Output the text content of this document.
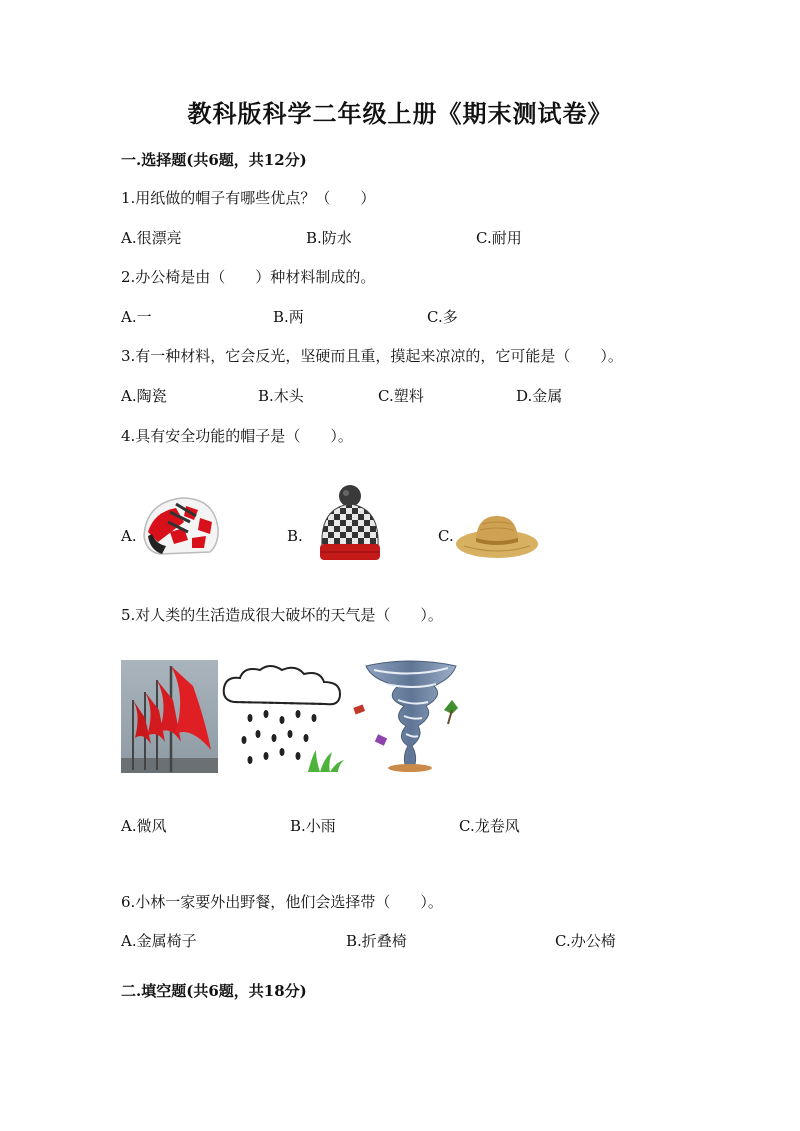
教科版科学二年级上册《期末测试卷》
一.选择题(共6题，共12分)
1.用纸做的帽子有哪些优点？（　　）
A.很漂亮	B.防水	C.耐用
2.办公椅是由（　　）种材料制成的。
A.一	B.两	C.多
3.有一种材料，它会反光，坚硬而且重，摸起来凉凉的，它可能是（　　）。
A.陶瓷	B.木头	C.塑料	D.金属
4.具有安全功能的帽子是（　　）。
A.	B.	C.
5.对人类的生活造成很大破坏的天气是（　　）。
A.微风	B.小雨	C.龙卷风
6.小林一家要外出野餐，他们会选择带（　　）。
A.金属椅子	B.折叠椅	C.办公椅
二.填空题(共6题，共18分)
